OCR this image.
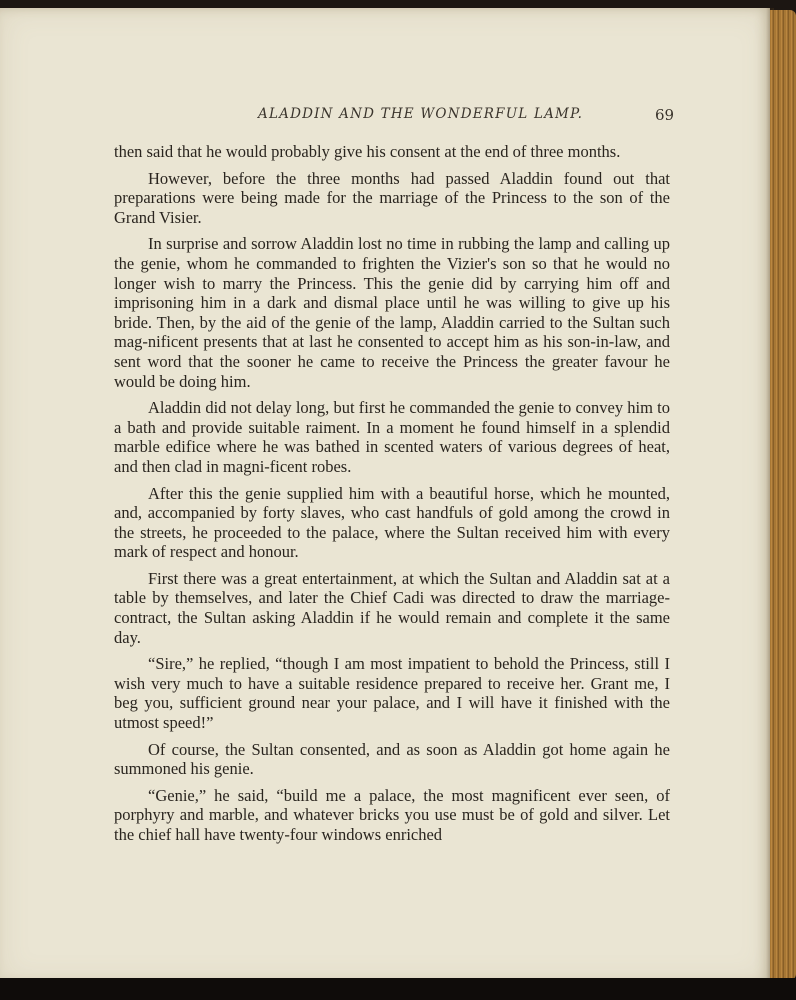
ALADDIN AND THE WONDERFUL LAMP.	69

then said that he would probably give his consent at the end of three months.

However, before the three months had passed Aladdin found out that preparations were being made for the marriage of the Princess to the son of the Grand Visier.

In surprise and sorrow Aladdin lost no time in rubbing the lamp and calling up the genie, whom he commanded to frighten the Vizier's son so that he would no longer wish to marry the Princess. This the genie did by carrying him off and imprisoning him in a dark and dismal place until he was willing to give up his bride. Then, by the aid of the genie of the lamp, Aladdin carried to the Sultan such mag-nificent presents that at last he consented to accept him as his son-in-law, and sent word that the sooner he came to receive the Princess the greater favour he would be doing him.

Aladdin did not delay long, but first he commanded the genie to convey him to a bath and provide suitable raiment. In a moment he found himself in a splendid marble edifice where he was bathed in scented waters of various degrees of heat, and then clad in magni-ficent robes.

After this the genie supplied him with a beautiful horse, which he mounted, and, accompanied by forty slaves, who cast handfuls of gold among the crowd in the streets, he proceeded to the palace, where the Sultan received him with every mark of respect and honour.

First there was a great entertainment, at which the Sultan and Aladdin sat at a table by themselves, and later the Chief Cadi was directed to draw the marriage-contract, the Sultan asking Aladdin if he would remain and complete it the same day.

“Sire,” he replied, “though I am most impatient to behold the Princess, still I wish very much to have a suitable residence prepared to receive her. Grant me, I beg you, sufficient ground near your palace, and I will have it finished with the utmost speed!”

Of course, the Sultan consented, and as soon as Aladdin got home again he summoned his genie.

“Genie,” he said, “build me a palace, the most magnificent ever seen, of porphyry and marble, and whatever bricks you use must be of gold and silver. Let the chief hall have twenty-four windows enriched
